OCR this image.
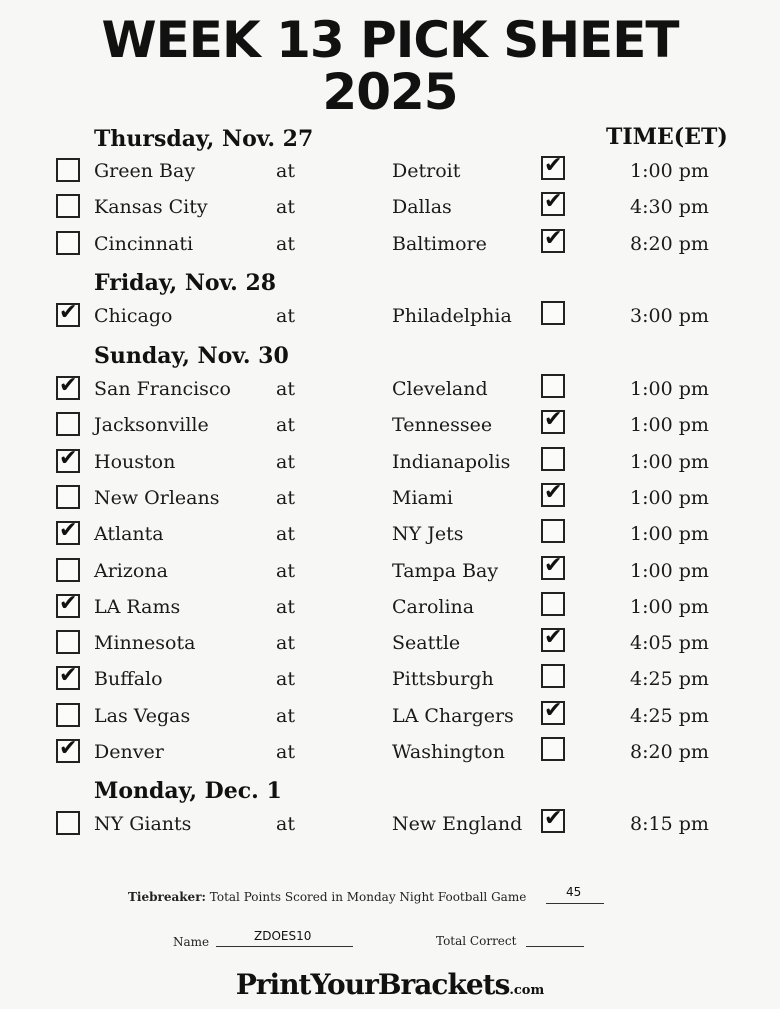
WEEK 13 PICK SHEET
2025
TIME(ET)
Thursday, Nov. 27
Green Bay	at	Detroit	✔	1:00 pm
Kansas City	at	Dallas	✔	4:30 pm
Cincinnati	at	Baltimore	✔	8:20 pm
Friday, Nov. 28
✔ Chicago	at	Philadelphia	3:00 pm
Sunday, Nov. 30
✔ San Francisco at	Cleveland	1:00 pm
Jacksonville	at	Tennessee ✔	1:00 pm
✔ Houston	at	Indianapolis	1:00 pm
New Orleans	at	Miami	✔	1:00 pm
✔ Atlanta	at	NY Jets	1:00 pm
Arizona	at	Tampa Bay ✔	1:00 pm
✔ LA Rams	at	Carolina	1:00 pm
Minnesota	at	Seattle	✔	4:05 pm
✔ Buffalo	at	Pittsburgh	4:25 pm
Las Vegas	at	LA Chargers ✔	4:25 pm
✔ Denver	at	Washington	8:20 pm
Monday, Dec. 1
NY Giants	at	New England ✔	8:15 pm
Tiebreaker: Total Points Scored in Monday Night Football Game	45
Name	ZDOES10	Total Correct
PrintYourBrackets.com
